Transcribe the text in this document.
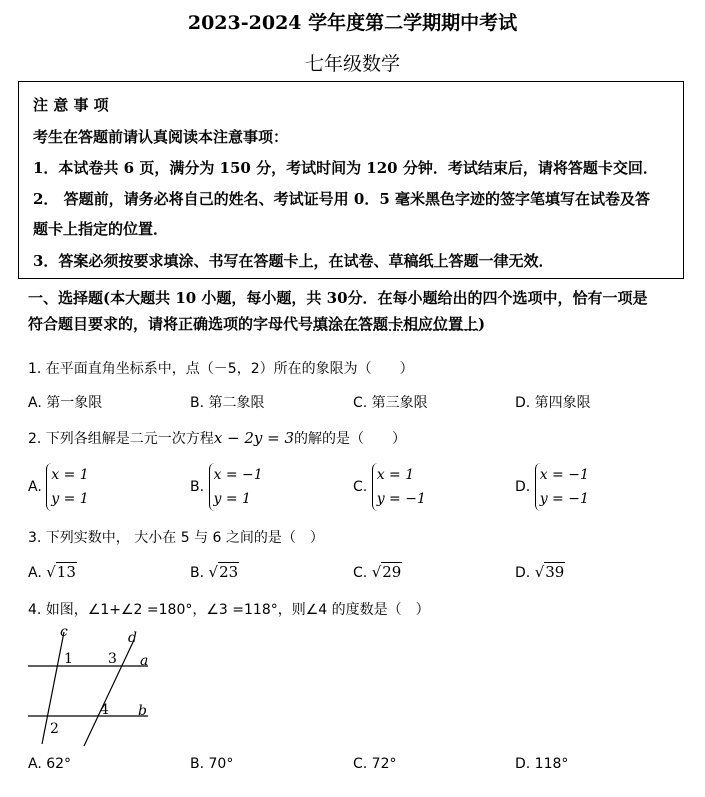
2023-2024 学年度第二学期期中考试
七年级数学
注 意 事 项
考生在答题前请认真阅读本注意事项：
1．本试卷共 6 页，满分为 150 分，考试时间为 120 分钟．考试结束后，请将答题卡交回．
2． 答题前，请务必将自己的姓名、考试证号用 0．5 毫米黑色字迹的签字笔填写在试卷及答
题卡上指定的位置．
3．答案必须按要求填涂、书写在答题卡上，在试卷、草稿纸上答题一律无效．
一、选择题(本大题共 10 小题，每小题，共 30分．在每小题给出的四个选项中，恰有一项是
符合题目要求的，请将正确选项的字母代号填涂在答题卡相应位置上)
1. 在平面直角坐标系中，点（－5，2）所在的象限为（　　）
A. 第一象限	B. 第二象限	C. 第三象限	D. 第四象限
2. 下列各组解是二元一次方程x − 2y = 3的解的是（　　）
A. x = 1
y = 1
B. x = −1
y = 1
C. x = 1
y = −1
D. x = −1
y = −1
3. 下列实数中， 大小在 5 与 6 之间的是（　）
A. √13	B. √23	C. √29	D. √39
4. 如图，∠1+∠2 =180°，∠3 =118°，则∠4 的度数是（　）
c	d
a
b
1
2
3
4
A. 62°	B. 70°	C. 72°	D. 118°
